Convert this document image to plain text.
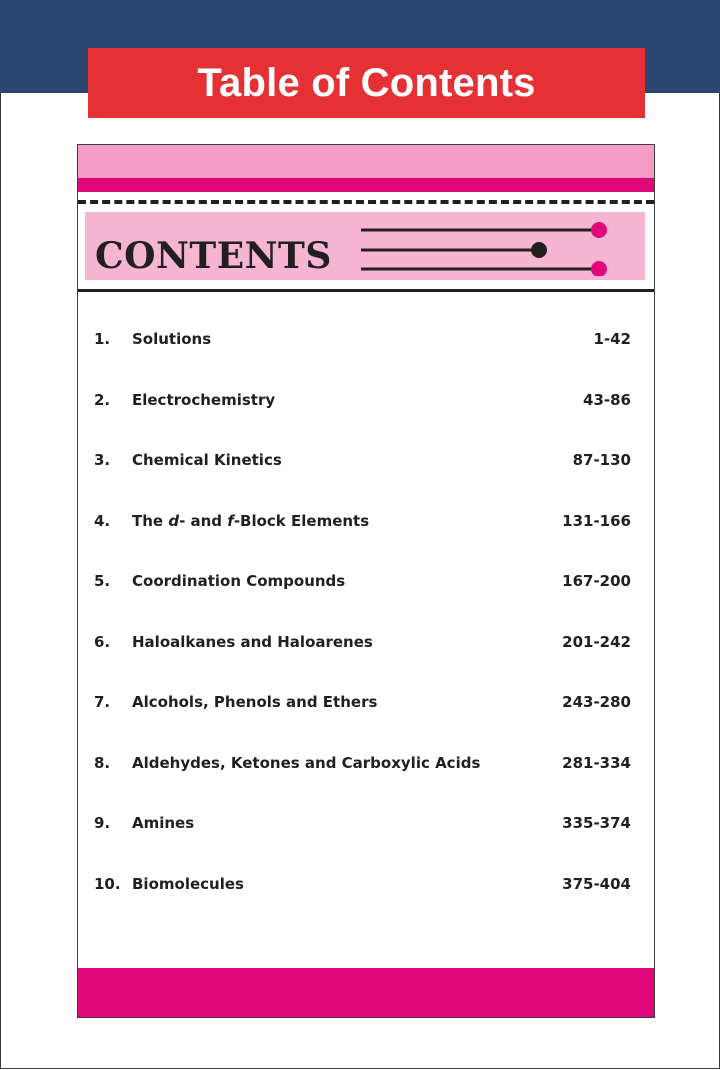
Table of Contents
CONTENTS
1. Solutions	1-42
2. Electrochemistry	43-86
3. Chemical Kinetics	87-130
4. The d- and f-Block Elements	131-166
5. Coordination Compounds	167-200
6. Haloalkanes and Haloarenes	201-242
7. Alcohols, Phenols and Ethers	243-280
8. Aldehydes, Ketones and Carboxylic Acids	281-334
9. Amines	335-374
10. Biomolecules	375-404
